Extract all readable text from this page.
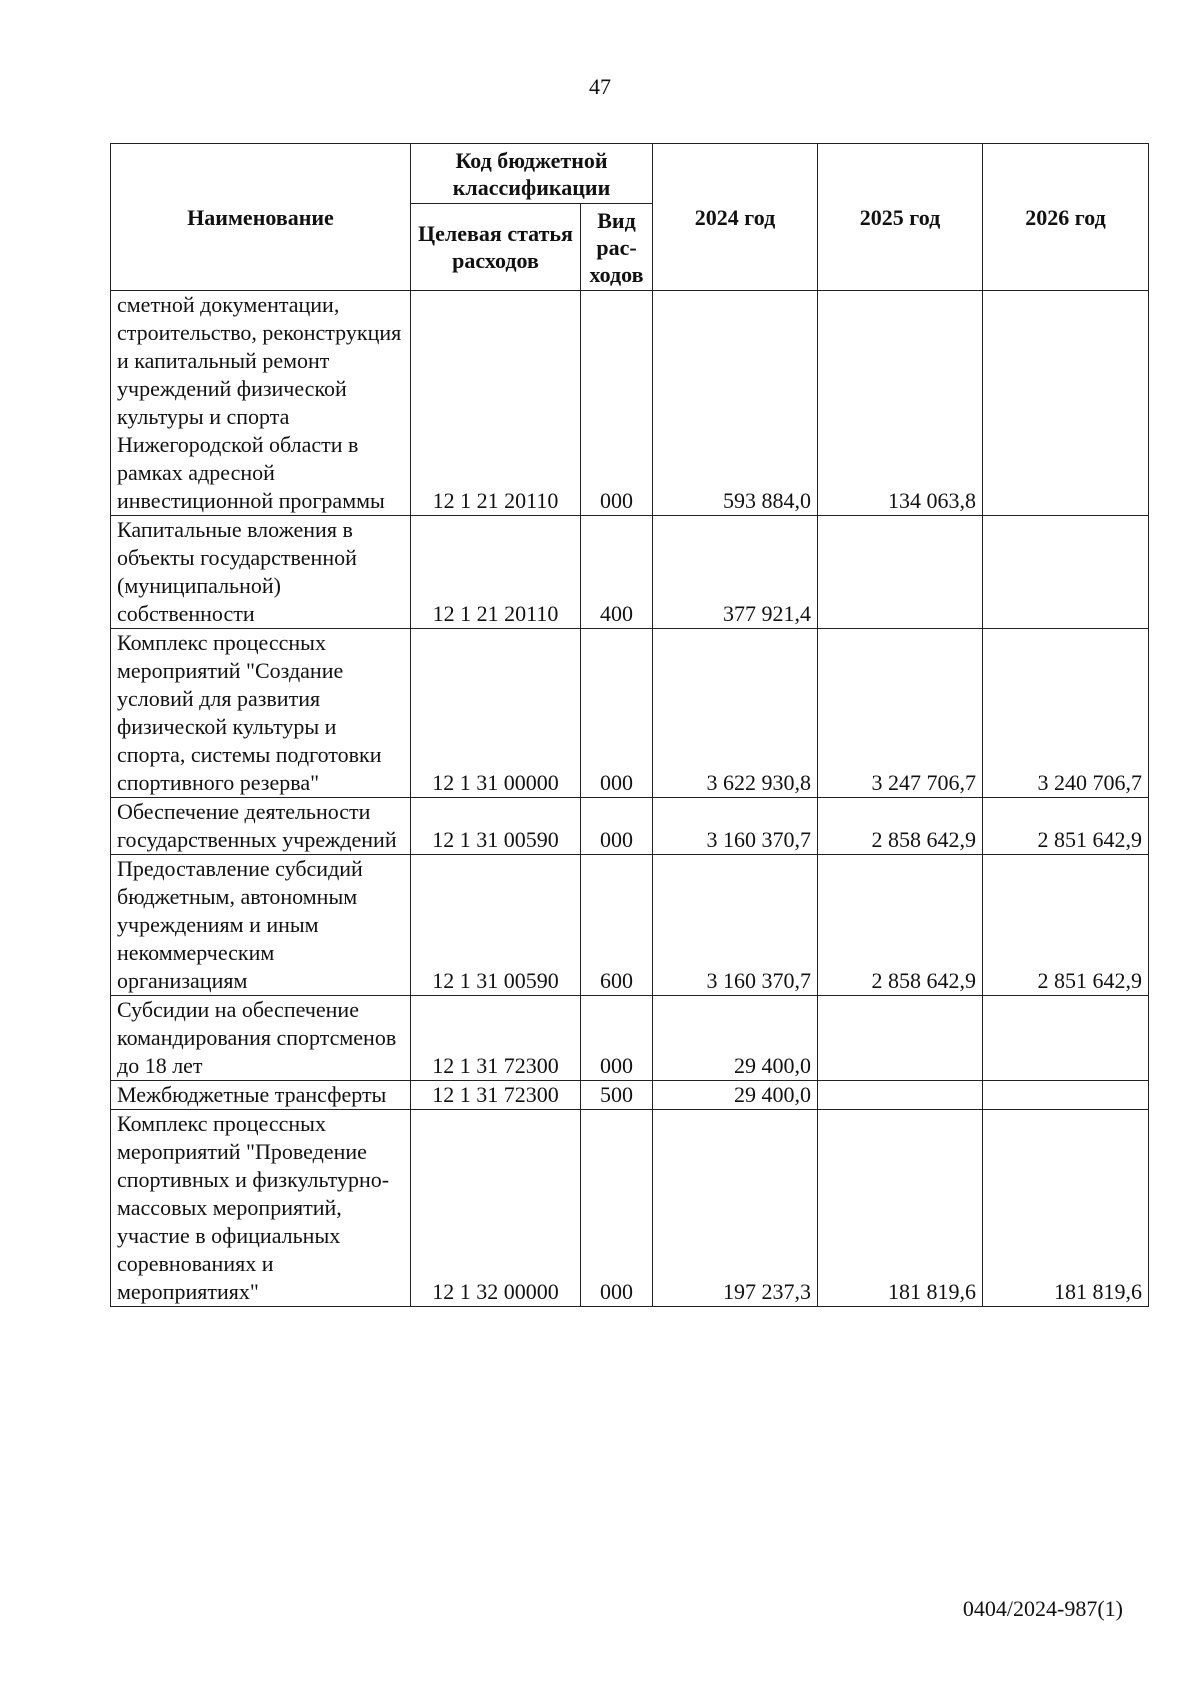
47
Наименование	Код бюджетной классификации		2024 год	2025 год	2026 год
	Целевая статья расходов	Вид рас-ходов			
сметной документации, строительство, реконструкция и капитальный ремонт учреждений физической культуры и спорта Нижегородской области в рамках адресной инвестиционной программы	12 1 21 20110	000	593 884,0	134 063,8	
Капитальные вложения в объекты государственной (муниципальной) собственности	12 1 21 20110	400	377 921,4		
Комплекс процессных мероприятий "Создание условий для развития физической культуры и спорта, системы подготовки спортивного резерва"	12 1 31 00000	000	3 622 930,8	3 247 706,7	3 240 706,7
Обеспечение деятельности государственных учреждений	12 1 31 00590	000	3 160 370,7	2 858 642,9	2 851 642,9
Предоставление субсидий бюджетным, автономным учреждениям и иным некоммерческим организациям	12 1 31 00590	600	3 160 370,7	2 858 642,9	2 851 642,9
Субсидии на обеспечение командирования спортсменов до 18 лет	12 1 31 72300	000	29 400,0		
Межбюджетные трансферты	12 1 31 72300	500	29 400,0		
Комплекс процессных мероприятий "Проведение спортивных и физкультурно-массовых мероприятий, участие в официальных соревнованиях и мероприятиях"	12 1 32 00000	000	197 237,3	181 819,6	181 819,6
0404/2024-987(1)
